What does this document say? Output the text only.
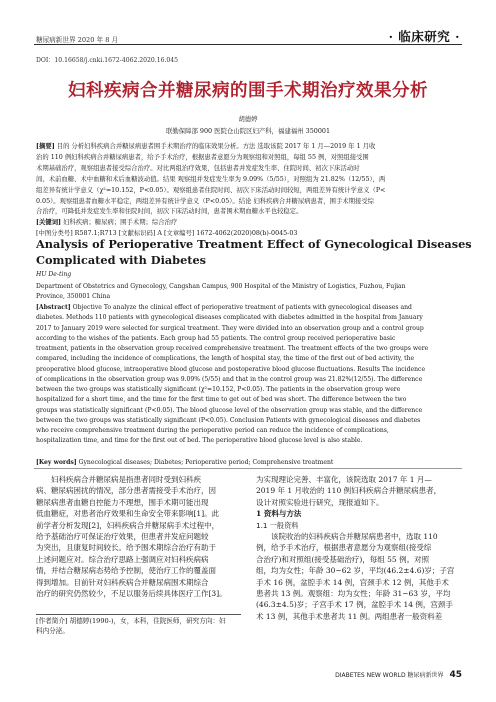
糖尿病新世界 2020 年 8 月	· 临床研究 ·
DOI：10.16658/j.cnki.1672-4062.2020.16.045
妇科疾病合并糖尿病的围手术期治疗效果分析
胡德婷
联勤保障部 900 医院仓山院区妇产科，福建福州 350001
[摘要] 目的 分析妇科疾病合并糖尿病患者围手术期治疗的临床效果分析。方法 选取该院 2017 年 1 月—2019 年 1 月收
治的 110 例妇科疾病合并糖尿病患者，给予手术治疗，根据患者意愿分为观察组和对照组，每组 55 例，对照组接受围
术期基础治疗，观察组患者接受综合治疗。对比两组治疗效果，包括患者并发症发生率、住院时间、初次下床活动时
间、术前血糖、术中血糖和术后血糖波动值。结果 观察组并发症发生率为 9.09%（5/55），对照组为 21.82%（12/55），两
组差异有统计学意义（χ²=10.152，P<0.05）。观察组患者住院时间、初次下床活动时间较短，两组差异有统计学意义（P<
0.05）。观察组患者血糖水平稳定，两组差异有统计学意义（P<0.05）。结论 妇科疾病合并糖尿病患者，围手术期接受综
合治疗，可降低并发症发生率和住院时间，初次下床活动时间，患者围术期血糖水平也较稳定。
[关键词] 妇科疾病；糖尿病；围手术期；综合治疗
[中图分类号] R587.1;R713 [文献标识码] A [文章编号] 1672-4062(2020)08(b)-0045-03
Analysis of Perioperative Treatment Effect of Gynecological Diseases
Complicated with Diabetes
HU De-ting
Department of Obstetrics and Gynecology, Cangshan Campus, 900 Hospital of the Ministry of Logistics, Fuzhou, Fujian
Province, 350001 China
[Abstract] Objective To analyze the clinical effect of perioperative treatment of patients with gynecological diseases and
diabetes. Methods 110 patients with gynecological diseases complicated with diabetes admitted in the hospital from January
2017 to January 2019 were selected for surgical treatment. They were divided into an observation group and a control group
according to the wishes of the patients. Each group had 55 patients. The control group received perioperative basic
treatment, patients in the observation group received comprehensive treatment. The treatment effects of the two groups were
compared, including the incidence of complications, the length of hospital stay, the time of the first out of bed activity, the
preoperative blood glucose, intraoperative blood glucose and postoperative blood glucose fluctuations. Results The incidence
of complications in the observation group was 9.09% (5/55) and that in the control group was 21.82%(12/55). The difference
between the two groups was statistically significant (χ²=10.152, P<0.05). The patients in the observation group were
hospitalized for a short time, and the time for the first time to get out of bed was short. The difference between the two
groups was statistically significant (P<0.05). The blood glucose level of the observation group was stable, and the difference
between the two groups was statistically significant (P<0.05). Conclusion Patients with gynecological diseases and diabetes
who receive comprehensive treatment during the perioperative period can reduce the incidence of complications,
hospitalization time, and time for the first out of bed. The perioperative blood glucose level is also stable.
[Key words] Gynecological diseases; Diabetes; Perioperative period; Comprehensive treatment
　　妇科疾病合并糖尿病是指患者同时受到妇科疾
病、糖尿病困扰的情况，部分患者需接受手术治疗，因
糖尿病患者血糖自控能力不理想，围手术期可能出现
低血糖症，对患者治疗效果和生命安全带来影响[1]。此
前学者分析发现[2]，妇科疾病合并糖尿病手术过程中，
给予基础治疗可保证治疗效果，但患者并发症问题较
为突出，且康复时间较长。给予围术期综合治疗有助于
上述问题应对。综合治疗思路上强调应对妇科疾病病
情，并结合糖尿病态势给予控制，使治疗工作的覆盖面
得到增加。目前针对妇科疾病合并糖尿病围术期综合
治疗的研究仍然较少，不足以服务后续具体医疗工作[3]。
[作者简介] 胡德婷(1990-)，女，本科，住院医师，研究方向：妇
科内分泌。
为实现理论完善、丰富化，该院选取 2017 年 1 月—
2019 年 1 月收治的 110 例妇科疾病合并糖尿病患者，
设计对照实验进行研究，现报道如下。
1 资料与方法
1.1 一般资料
　　该院收治的妇科疾病合并糖尿病患者中，选取 110
例，给予手术治疗，根据患者意愿分为观察组(接受综
合治疗)和对照组(接受基础治疗)，每组 55 例。对照
组，均为女性；年龄 30~62 岁，平均(46.2±4.6)岁；子宫
手术 16 例，盆腔手术 14 例，宫颈手术 12 例，其他手术
患者共 13 例。观察组：均为女性；年龄 31~63 岁，平均
(46.3±4.5)岁；子宫手术 17 例，盆腔手术 14 例，宫颈手
术 13 例，其他手术患者共 11 例。两组患者一般资料差
DIABETES NEW WORLD 糖尿病新世界 45
